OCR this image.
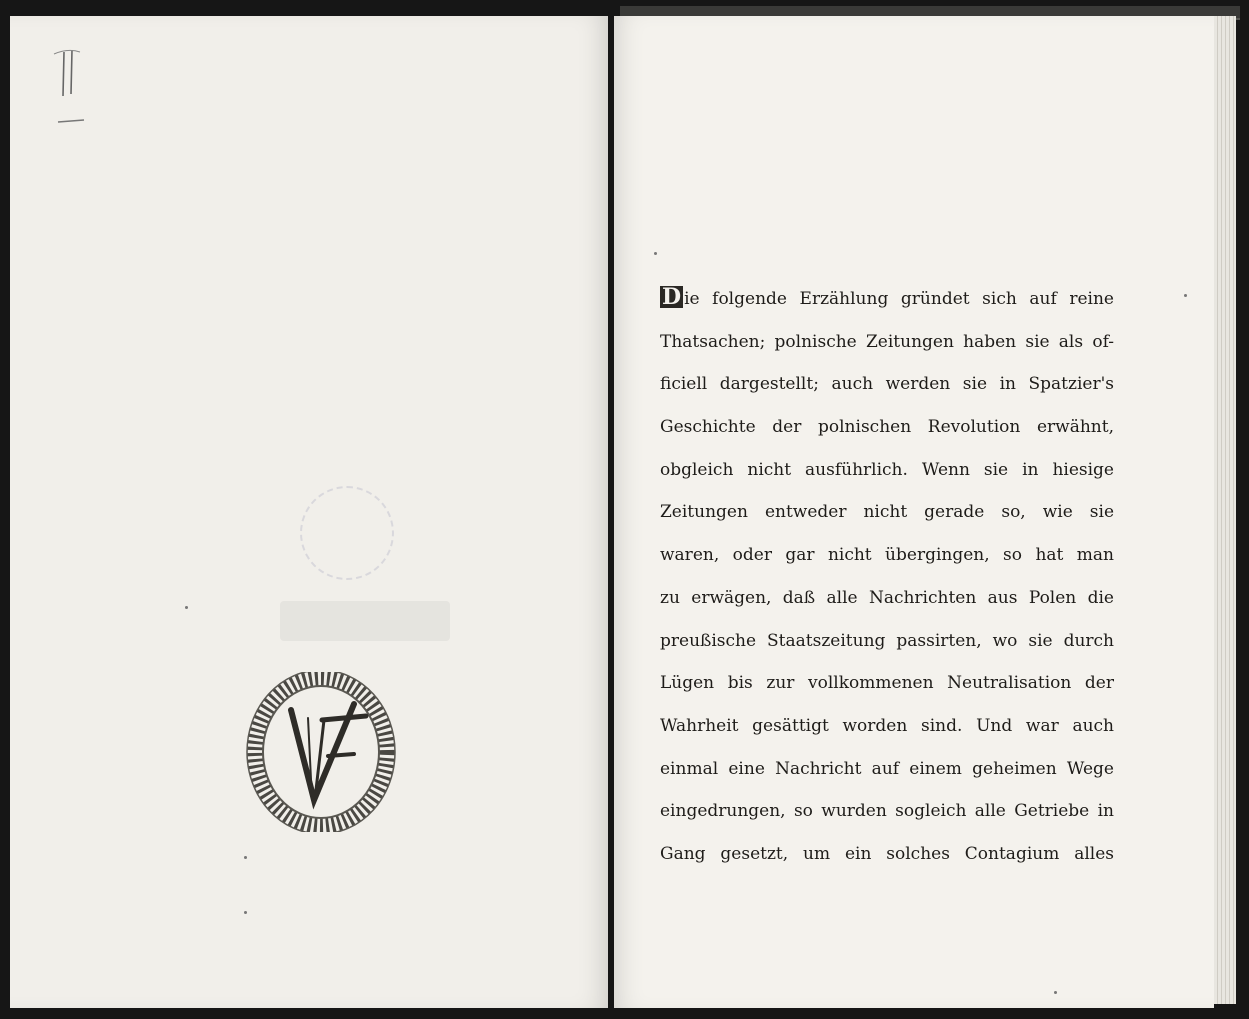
D ie folgende Erzählung gründet sich auf reine
Thatsachen; polnische Zeitungen haben sie als of-
ficiell dargestellt; auch werden sie in Spatzier's
Geschichte der polnischen Revolution erwähnt,
obgleich nicht ausführlich. Wenn sie in hiesige
Zeitungen entweder nicht gerade so, wie sie
waren, oder gar nicht übergingen, so hat man
zu erwägen, daß alle Nachrichten aus Polen die
preußische Staatszeitung passirten, wo sie durch
Lügen bis zur vollkommenen Neutralisation der
Wahrheit gesättigt worden sind. Und war auch
einmal eine Nachricht auf einem geheimen Wege
eingedrungen, so wurden sogleich alle Getriebe in
Gang gesetzt, um ein solches Contagium alles
